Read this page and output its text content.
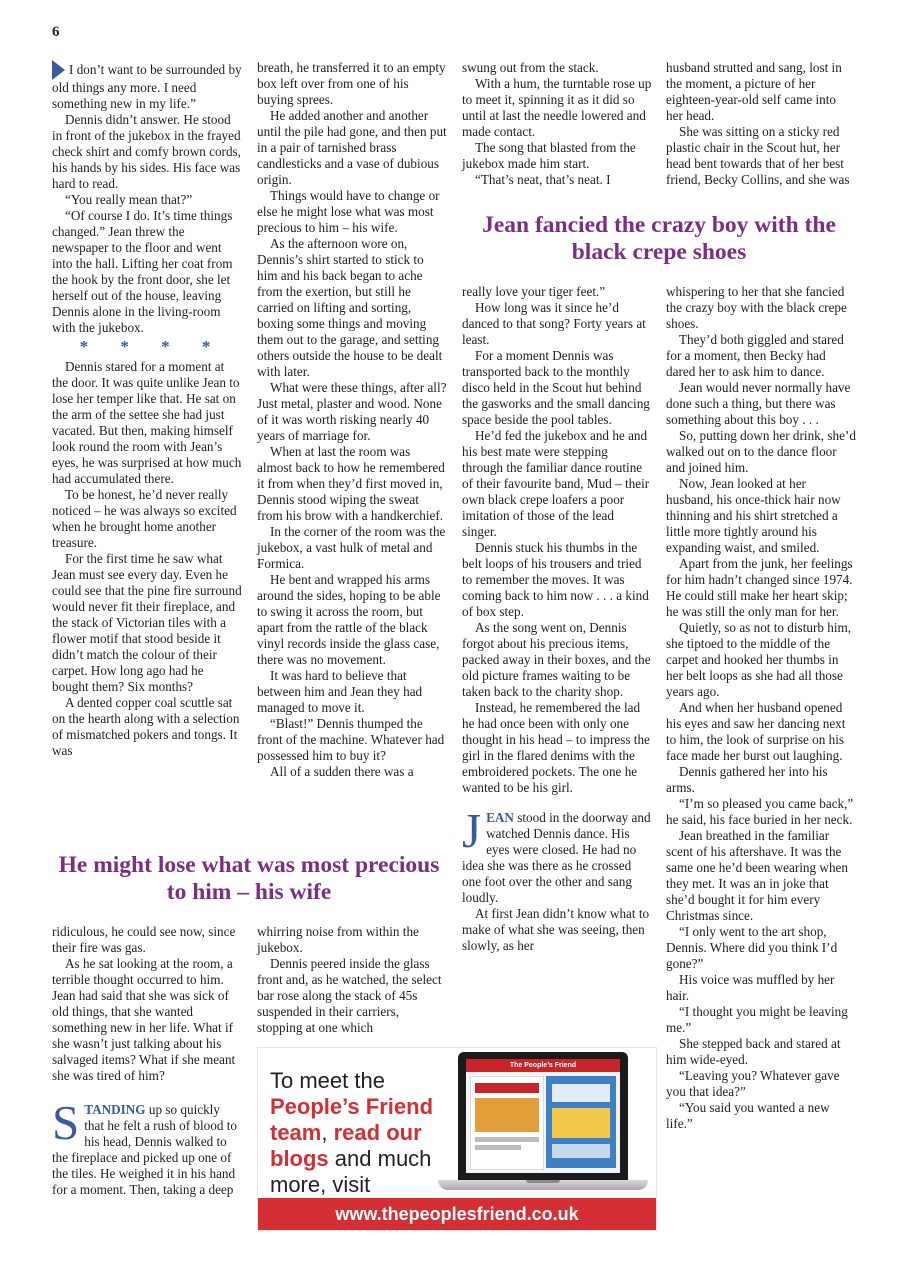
6

I don’t want to be surrounded by old things any more. I need something new in my life.”

Dennis didn’t answer. He stood in front of the jukebox in the frayed check shirt and comfy brown cords, his hands by his sides. His face was hard to read.

“You really mean that?”

“Of course I do. It’s time things changed.” Jean threw the newspaper to the floor and went into the hall. Lifting her coat from the hook by the front door, she let herself out of the house, leaving Dennis alone in the living-room with the jukebox.

* * * *

Dennis stared for a moment at the door. It was quite unlike Jean to lose her temper like that. He sat on the arm of the settee she had just vacated. But then, making himself look round the room with Jean’s eyes, he was surprised at how much had accumulated there.

To be honest, he’d never really noticed – he was always so excited when he brought home another treasure.

For the first time he saw what Jean must see every day. Even he could see that the pine fire surround would never fit their fireplace, and the stack of Victorian tiles with a flower motif that stood beside it didn’t match the colour of their carpet. How long ago had he bought them? Six months?

A dented copper coal scuttle sat on the hearth along with a selection of mismatched pokers and tongs. It was

breath, he transferred it to an empty box left over from one of his buying sprees.

He added another and another until the pile had gone, and then put in a pair of tarnished brass candlesticks and a vase of dubious origin.

Things would have to change or else he might lose what was most precious to him – his wife.

As the afternoon wore on, Dennis’s shirt started to stick to him and his back began to ache from the exertion, but still he carried on lifting and sorting, boxing some things and moving them out to the garage, and setting others outside the house to be dealt with later.

What were these things, after all? Just metal, plaster and wood. None of it was worth risking nearly 40 years of marriage for.

When at last the room was almost back to how he remembered it from when they’d first moved in, Dennis stood wiping the sweat from his brow with a handkerchief.

In the corner of the room was the jukebox, a vast hulk of metal and Formica.

He bent and wrapped his arms around the sides, hoping to be able to swing it across the room, but apart from the rattle of the black vinyl records inside the glass case, there was no movement.

It was hard to believe that between him and Jean they had managed to move it.

“Blast!” Dennis thumped the front of the machine. Whatever had possessed him to buy it?

All of a sudden there was a

swung out from the stack.

With a hum, the turntable rose up to meet it, spinning it as it did so until at last the needle lowered and made contact.

The song that blasted from the jukebox made him start.

“That’s neat, that’s neat. I

husband strutted and sang, lost in the moment, a picture of her eighteen-year-old self came into her head.

She was sitting on a sticky red plastic chair in the Scout hut, her head bent towards that of her best friend, Becky Collins, and she was

Jean fancied the crazy boy with the black crepe shoes

really love your tiger feet.”

How long was it since he’d danced to that song? Forty years at least.

For a moment Dennis was transported back to the monthly disco held in the Scout hut behind the gasworks and the small dancing space beside the pool tables.

He’d fed the jukebox and he and his best mate were stepping through the familiar dance routine of their favourite band, Mud – their own black crepe loafers a poor imitation of those of the lead singer.

Dennis stuck his thumbs in the belt loops of his trousers and tried to remember the moves. It was coming back to him now . . . a kind of box step.

As the song went on, Dennis forgot about his precious items, packed away in their boxes, and the old picture frames waiting to be taken back to the charity shop.

Instead, he remembered the lad he had once been with only one thought in his head – to impress the girl in the flared denims with the embroidered pockets. The one he wanted to be his girl.

JEAN stood in the doorway and watched Dennis dance. His eyes were closed. He had no idea she was there as he crossed one foot over the other and sang loudly.

At first Jean didn’t know what to make of what she was seeing, then slowly, as her

whispering to her that she fancied the crazy boy with the black crepe shoes.

They’d both giggled and stared for a moment, then Becky had dared her to ask him to dance.

Jean would never normally have done such a thing, but there was something about this boy . . .

So, putting down her drink, she’d walked out on to the dance floor and joined him.

Now, Jean looked at her husband, his once-thick hair now thinning and his shirt stretched a little more tightly around his expanding waist, and smiled.

Apart from the junk, her feelings for him hadn’t changed since 1974. He could still make her heart skip; he was still the only man for her.

Quietly, so as not to disturb him, she tiptoed to the middle of the carpet and hooked her thumbs in her belt loops as she had all those years ago.

And when her husband opened his eyes and saw her dancing next to him, the look of surprise on his face made her burst out laughing.

Dennis gathered her into his arms.

“I’m so pleased you came back,” he said, his face buried in her neck.

Jean breathed in the familiar scent of his aftershave. It was the same one he’d been wearing when they met. It was an in joke that she’d bought it for him every Christmas since.

“I only went to the art shop, Dennis. Where did you think I’d gone?”

His voice was muffled by her hair.

“I thought you might be leaving me.”

She stepped back and stared at him wide-eyed.

“Leaving you? Whatever gave you that idea?”

“You said you wanted a new life.”

He might lose what was most precious to him – his wife

ridiculous, he could see now, since their fire was gas.

As he sat looking at the room, a terrible thought occurred to him. Jean had said that she was sick of old things, that she wanted something new in her life. What if she wasn’t just talking about his salvaged items? What if she meant she was tired of him?

STANDING up so quickly that he felt a rush of blood to his head, Dennis walked to the fireplace and picked up one of the tiles. He weighed it in his hand for a moment. Then, taking a deep

whirring noise from within the jukebox.

Dennis peered inside the glass front and, as he watched, the select bar rose along the stack of 45s suspended in their carriers, stopping at one which

To meet the People’s Friend team, read our blogs and much more, visit
The People’s Friend
www.thepeoplesfriend.co.uk
